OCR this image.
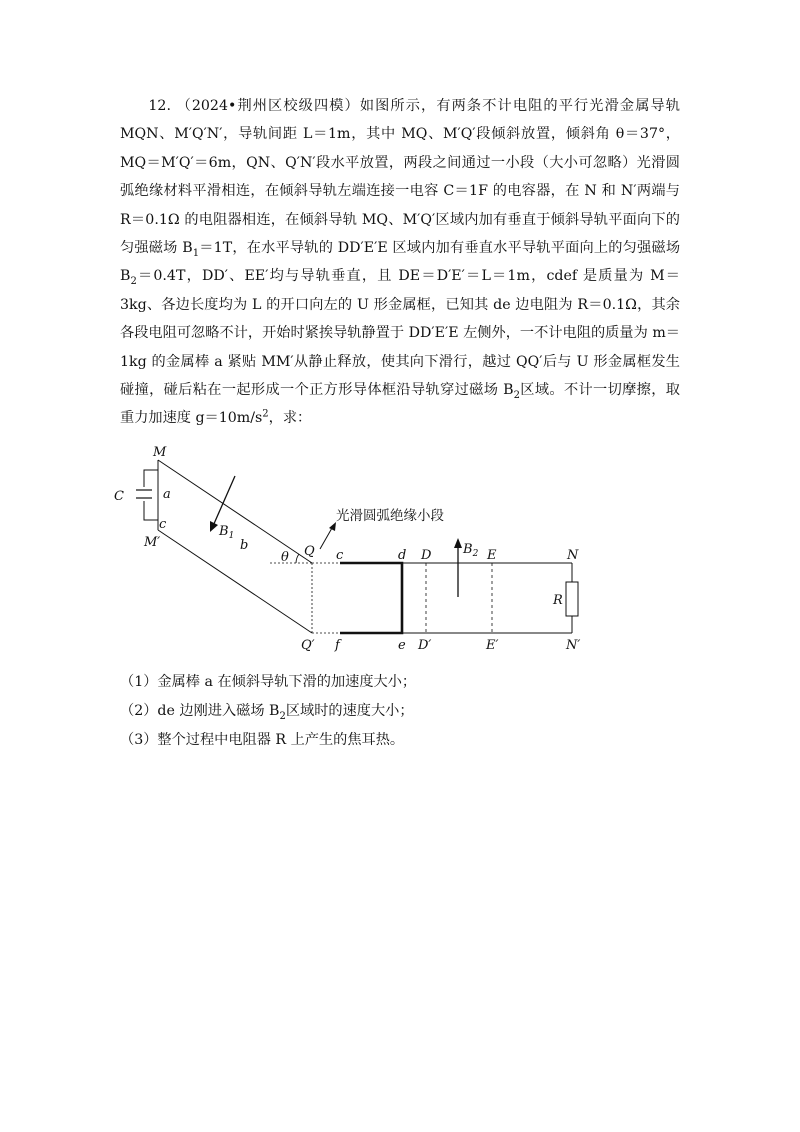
12. （2024•荆州区校级四模）如图所示，有两条不计电阻的平行光滑金属导轨 MQN、M′Q′N′，导轨间距 L＝1m，其中 MQ、M′Q′段倾斜放置，倾斜角 θ＝37°，MQ＝M′Q′＝6m，QN、Q′N′段水平放置，两段之间通过一小段（大小可忽略）光滑圆弧绝缘材料平滑相连，在倾斜导轨左端连接一电容 C＝1F 的电容器，在 N 和 N′两端与 R＝0.1Ω 的电阻器相连，在倾斜导轨 MQ、M′Q′区域内加有垂直于倾斜导轨平面向下的匀强磁场 $B_1=1T$，在水平导轨的 DD′E′E 区域内加有垂直水平导轨平面向上的匀强磁场 $B_2=0.4T$，DD′、EE′均与导轨垂直，且 DE＝D′E′＝L＝1m，cdef 是质量为 M＝3kg、各边长度均为 L 的开口向左的 U 形金属框，已知其 de 边电阻为 R＝0.1Ω，其余各段电阻可忽略不计，开始时紧挨导轨静置于 DD′E′E 左侧外，一不计电阻的质量为 m＝1kg 的金属棒 a 紧贴 MM′从静止释放，使其向下滑行，越过 QQ′后与 U 形金属框发生碰撞，碰后粘在一起形成一个正方形导体框沿导轨穿过磁场 $B_2$区域。不计一切摩擦，取重力加速度 $g=10m/s^2$，求：

M
M′
C	a
c	$B_1$
b
θ Q
Q′
c	d D $B_2$ E	N
f	e D′	E′	N′
R
光滑圆弧绝缘小段
（1）金属棒 a 在倾斜导轨下滑的加速度大小；
（2）de 边刚进入磁场 $B_2$区域时的速度大小；
（3）整个过程中电阻器 R 上产生的焦耳热。
